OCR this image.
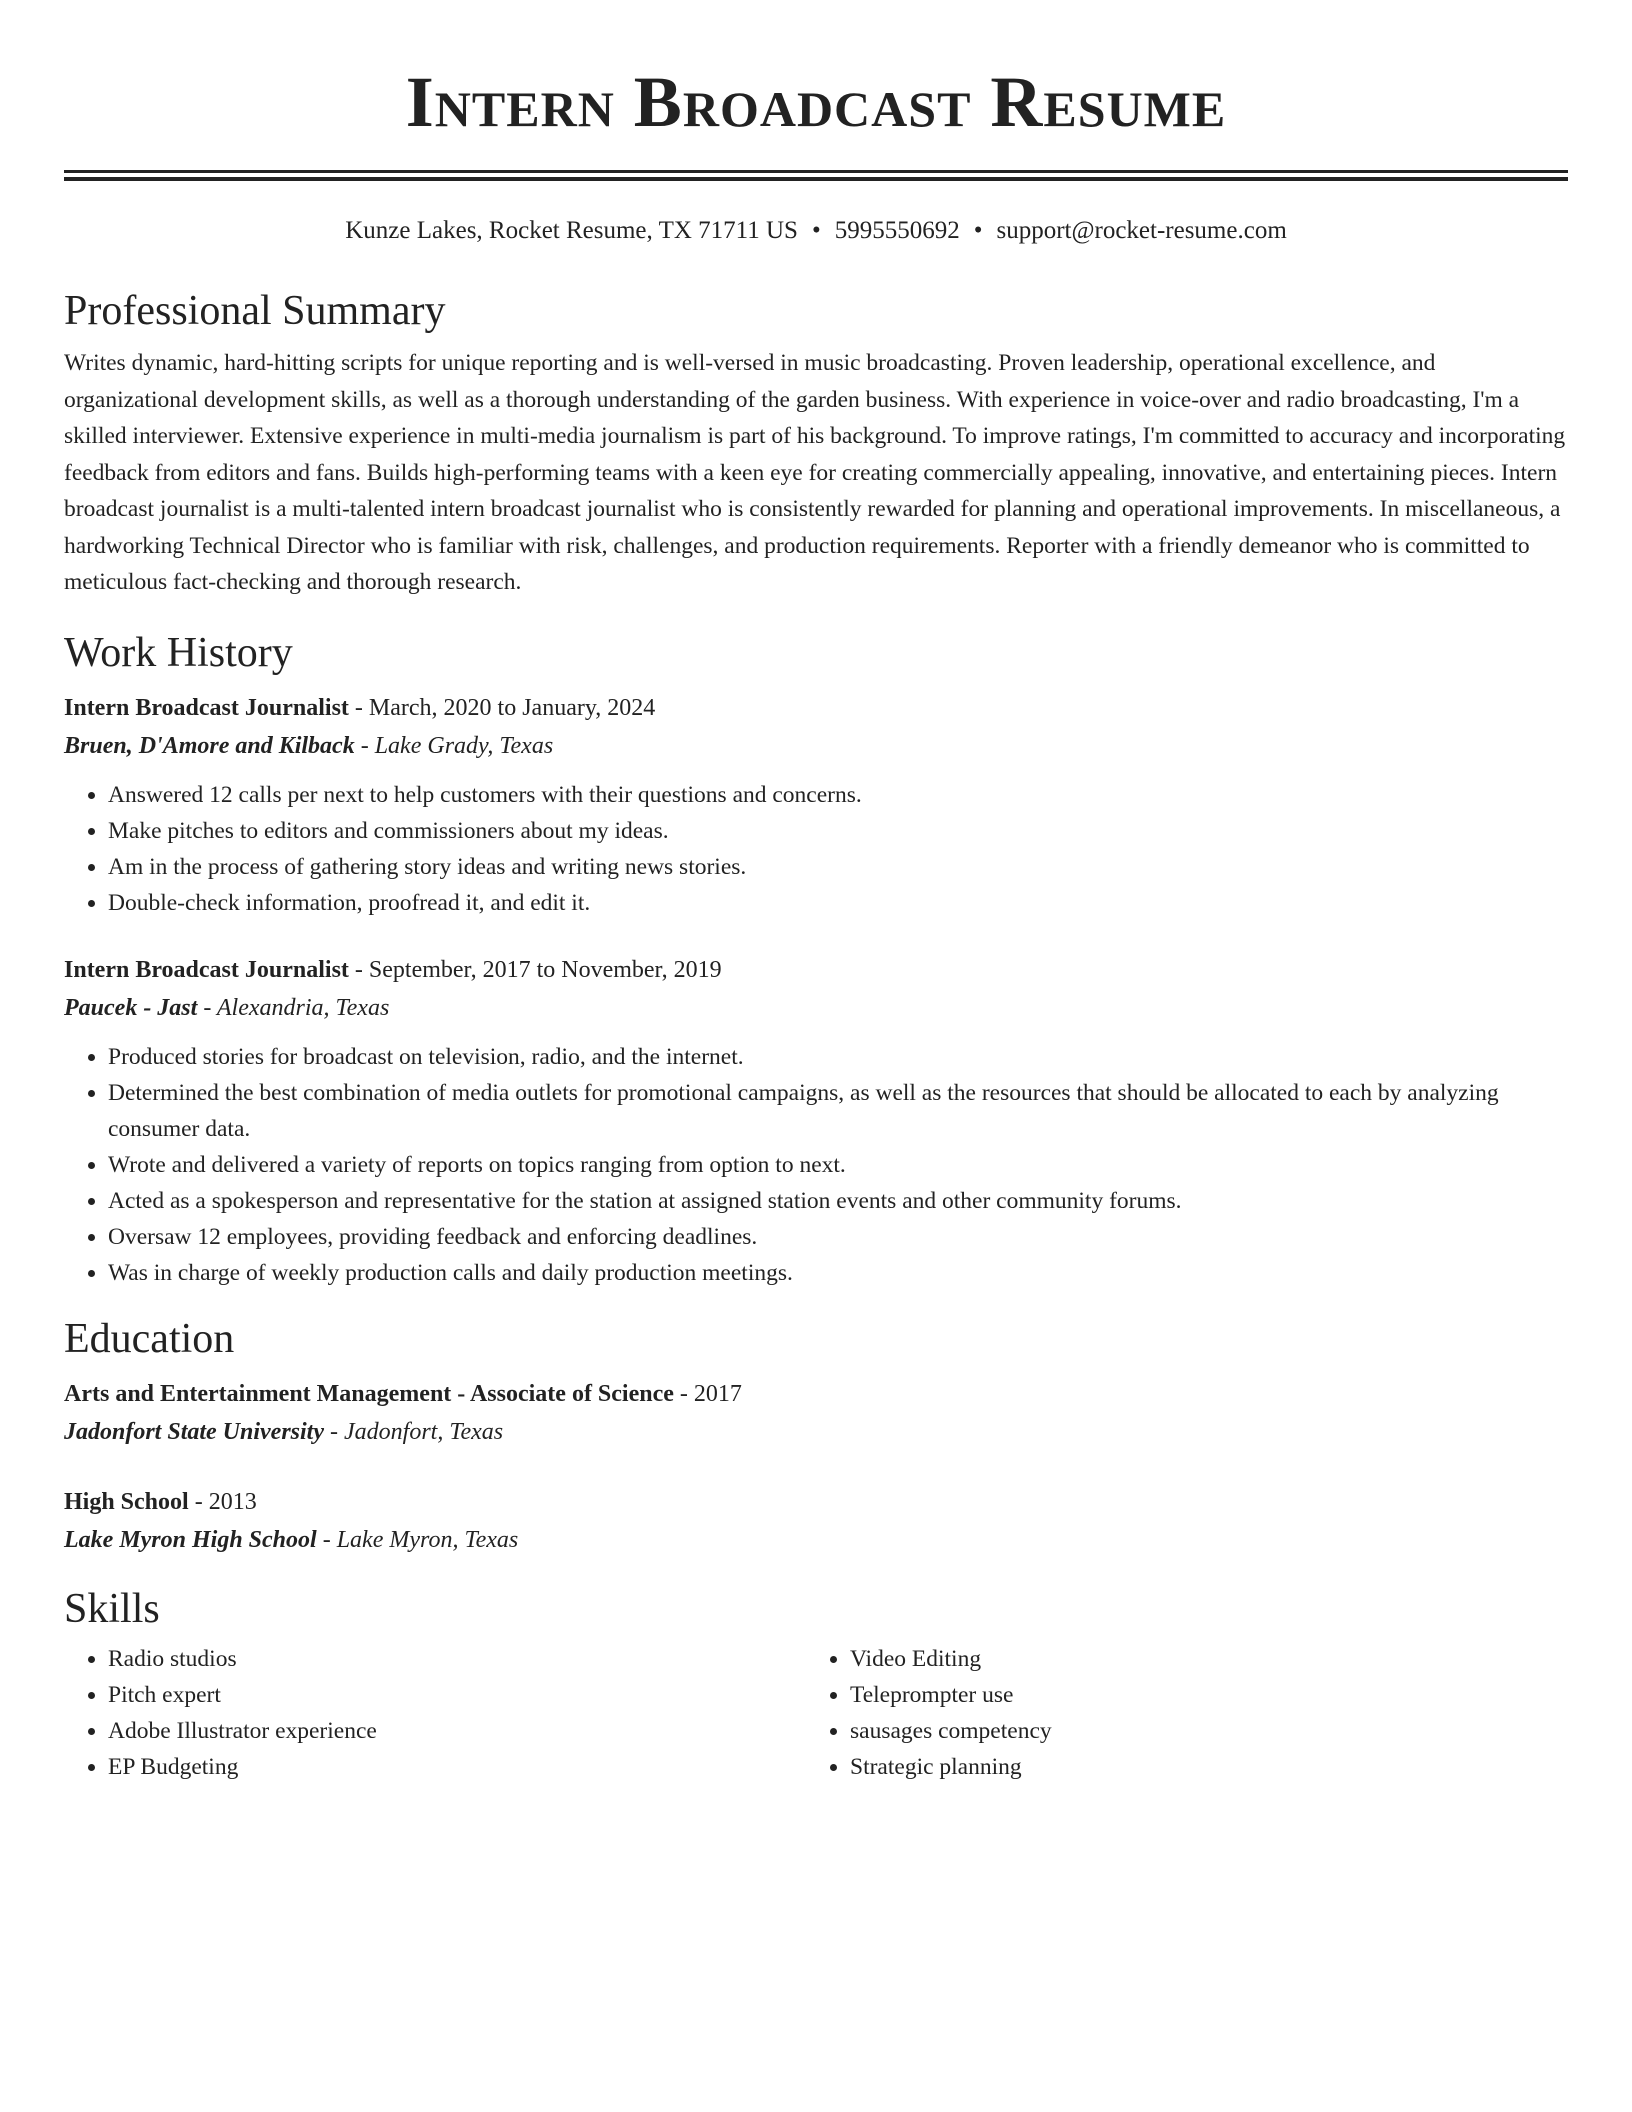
Intern Broadcast Resume
Kunze Lakes, Rocket Resume, TX 71711 US • 5995550692 • support@rocket-resume.com
Professional Summary

Writes dynamic, hard-hitting scripts for unique reporting and is well-versed in music broadcasting. Proven leadership, operational excellence, and organizational development skills, as well as a thorough understanding of the garden business. With experience in voice-over and radio broadcasting, I'm a skilled interviewer. Extensive experience in multi-media journalism is part of his background. To improve ratings, I'm committed to accuracy and incorporating feedback from editors and fans. Builds high-performing teams with a keen eye for creating commercially appealing, innovative, and entertaining pieces. Intern broadcast journalist is a multi-talented intern broadcast journalist who is consistently rewarded for planning and operational improvements. In miscellaneous, a hardworking Technical Director who is familiar with risk, challenges, and production requirements. Reporter with a friendly demeanor who is committed to meticulous fact-checking and thorough research.

Work History
Intern Broadcast Journalist - March, 2020 to January, 2024
Bruen, D'Amore and Kilback - Lake Grady, Texas
• Answered 12 calls per next to help customers with their questions and concerns.
• Make pitches to editors and commissioners about my ideas.
• Am in the process of gathering story ideas and writing news stories.
• Double-check information, proofread it, and edit it.
Intern Broadcast Journalist - September, 2017 to November, 2019
Paucek - Jast - Alexandria, Texas
• Produced stories for broadcast on television, radio, and the internet.
• Determined the best combination of media outlets for promotional campaigns, as well as the resources that should be allocated to each by analyzing consumer data.
• Wrote and delivered a variety of reports on topics ranging from option to next.
• Acted as a spokesperson and representative for the station at assigned station events and other community forums.
• Oversaw 12 employees, providing feedback and enforcing deadlines.
• Was in charge of weekly production calls and daily production meetings.
Education
Arts and Entertainment Management - Associate of Science - 2017
Jadonfort State University - Jadonfort, Texas
High School - 2013
Lake Myron High School - Lake Myron, Texas
Skills
• Radio studios
• Pitch expert
• Adobe Illustrator experience
• EP Budgeting
• Video Editing
• Teleprompter use
• sausages competency
• Strategic planning
